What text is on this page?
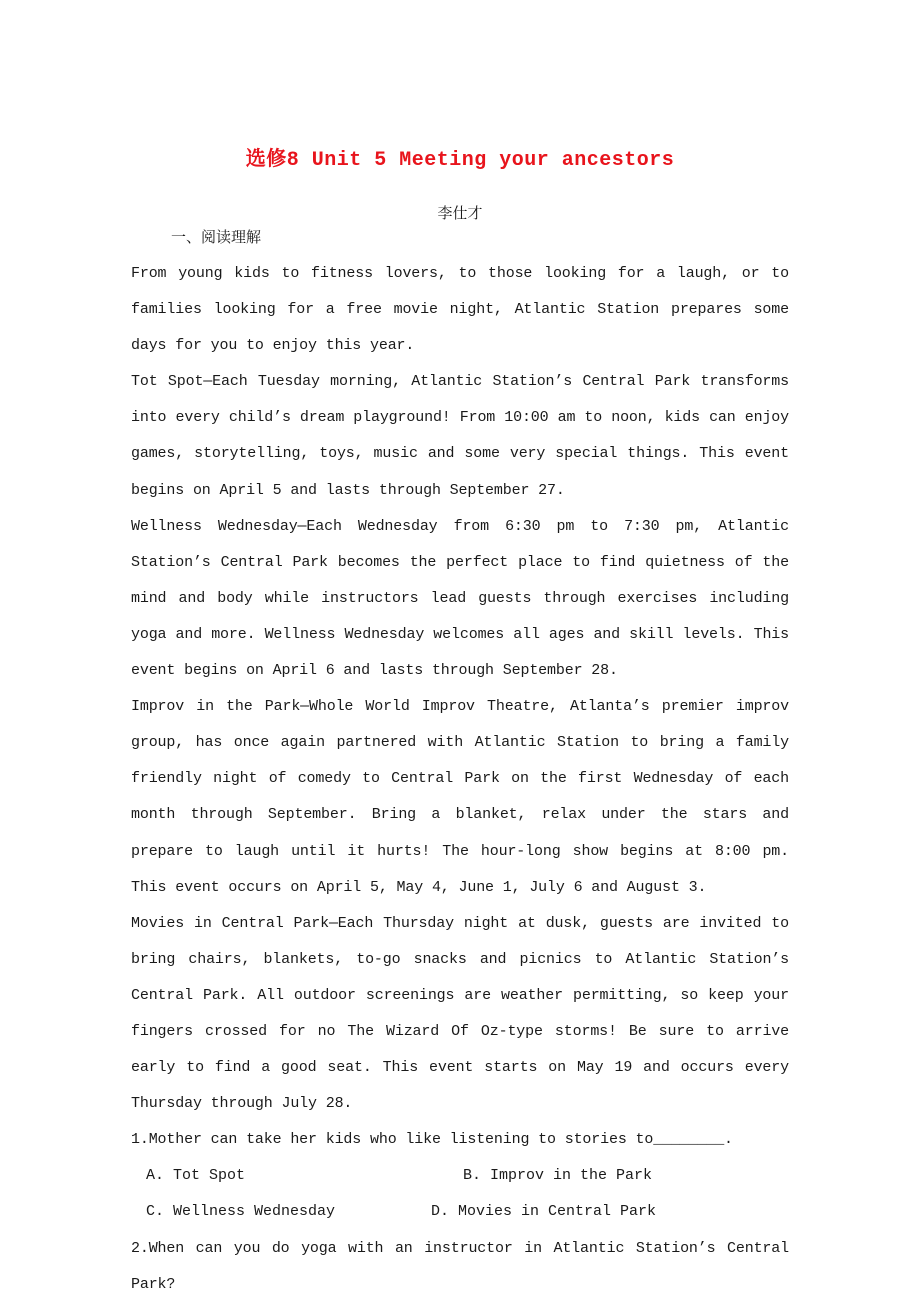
选修8 Unit 5 Meeting your ancestors
李仕才
一、阅读理解

From young kids to fitness lovers, to those looking for a laugh, or to families looking for a free movie night, Atlantic Station prepares some days for you to enjoy this year.

Tot Spot—Each Tuesday morning, Atlantic Station’s Central Park transforms into every child’s dream playground! From 10:00 am to noon, kids can enjoy games, storytelling, toys, music and some very special things. This event begins on April 5 and lasts through September 27.

Wellness Wednesday—Each Wednesday from 6:30 pm to 7:30 pm, Atlantic Station’s Central Park becomes the perfect place to find quietness of the mind and body while instructors lead guests through exercises including yoga and more. Wellness Wednesday welcomes all ages and skill levels. This event begins on April 6 and lasts through September 28.

Improv in the Park—Whole World Improv Theatre, Atlanta’s premier improv group, has once again partnered with Atlantic Station to bring a family friendly night of comedy to Central Park on the first Wednesday of each month through September. Bring a blanket, relax under the stars and prepare to laugh until it hurts! The hour-long show begins at 8:00 pm. This event occurs on April 5, May 4, June 1, July 6 and August 3.

Movies in Central Park—Each Thursday night at dusk, guests are invited to bring chairs, blankets, to-go snacks and picnics to Atlantic Station’s Central Park. All outdoor screenings are weather permitting, so keep your fingers crossed for no The Wizard Of Oz-type storms! Be sure to arrive early to find a good seat. This event starts on May 19 and occurs every Thursday through July 28.

1.Mother can take her kids who like listening to stories to________.

A. Tot Spot	B. Improv in the Park
C. Wellness Wednesday	D. Movies in Central Park

2.When can you do yoga with an instructor in Atlantic Station’s Central Park?
